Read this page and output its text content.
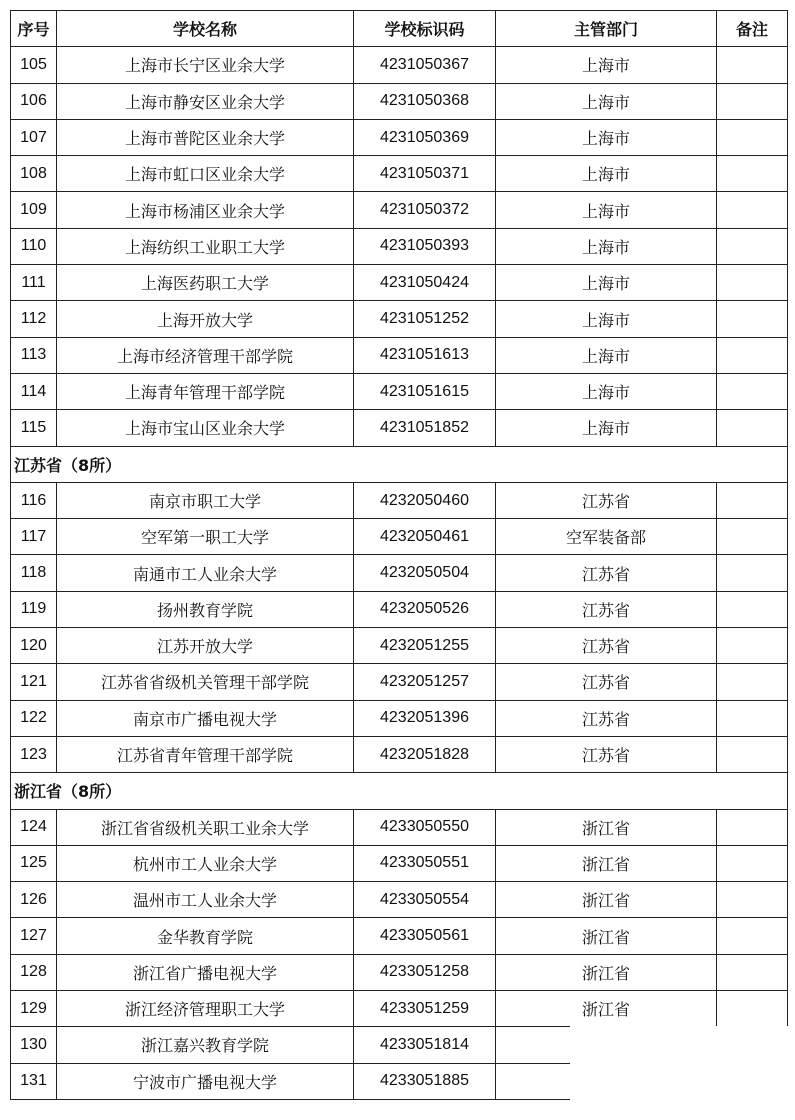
序号	学校名称	学校标识码	主管部门	备注
105	上海市长宁区业余大学	4231050367	上海市	
106	上海市静安区业余大学	4231050368	上海市	
107	上海市普陀区业余大学	4231050369	上海市	
108	上海市虹口区业余大学	4231050371	上海市	
109	上海市杨浦区业余大学	4231050372	上海市	
110	上海纺织工业职工大学	4231050393	上海市	
111	上海医药职工大学	4231050424	上海市	
112	上海开放大学	4231051252	上海市	
113	上海市经济管理干部学院	4231051613	上海市	
114	上海青年管理干部学院	4231051615	上海市	
115	上海市宝山区业余大学	4231051852	上海市	
江苏省（8所）				
116	南京市职工大学	4232050460	江苏省	
117	空军第一职工大学	4232050461	空军装备部	
118	南通市工人业余大学	4232050504	江苏省	
119	扬州教育学院	4232050526	江苏省	
120	江苏开放大学	4232051255	江苏省	
121	江苏省省级机关管理干部学院	4232051257	江苏省	
122	南京市广播电视大学	4232051396	江苏省	
123	江苏省青年管理干部学院	4232051828	江苏省	
浙江省（8所）				
124	浙江省省级机关职工业余大学	4233050550	浙江省	
125	杭州市工人业余大学	4233050551	浙江省	
126	温州市工人业余大学	4233050554	浙江省	
127	金华教育学院	4233050561	浙江省	
128	浙江省广播电视大学	4233051258	浙江省	
129	浙江经济管理职工大学	4233051259	浙江省	
130	浙江嘉兴教育学院	4233051814		
131	宁波市广播电视大学	4233051885		
